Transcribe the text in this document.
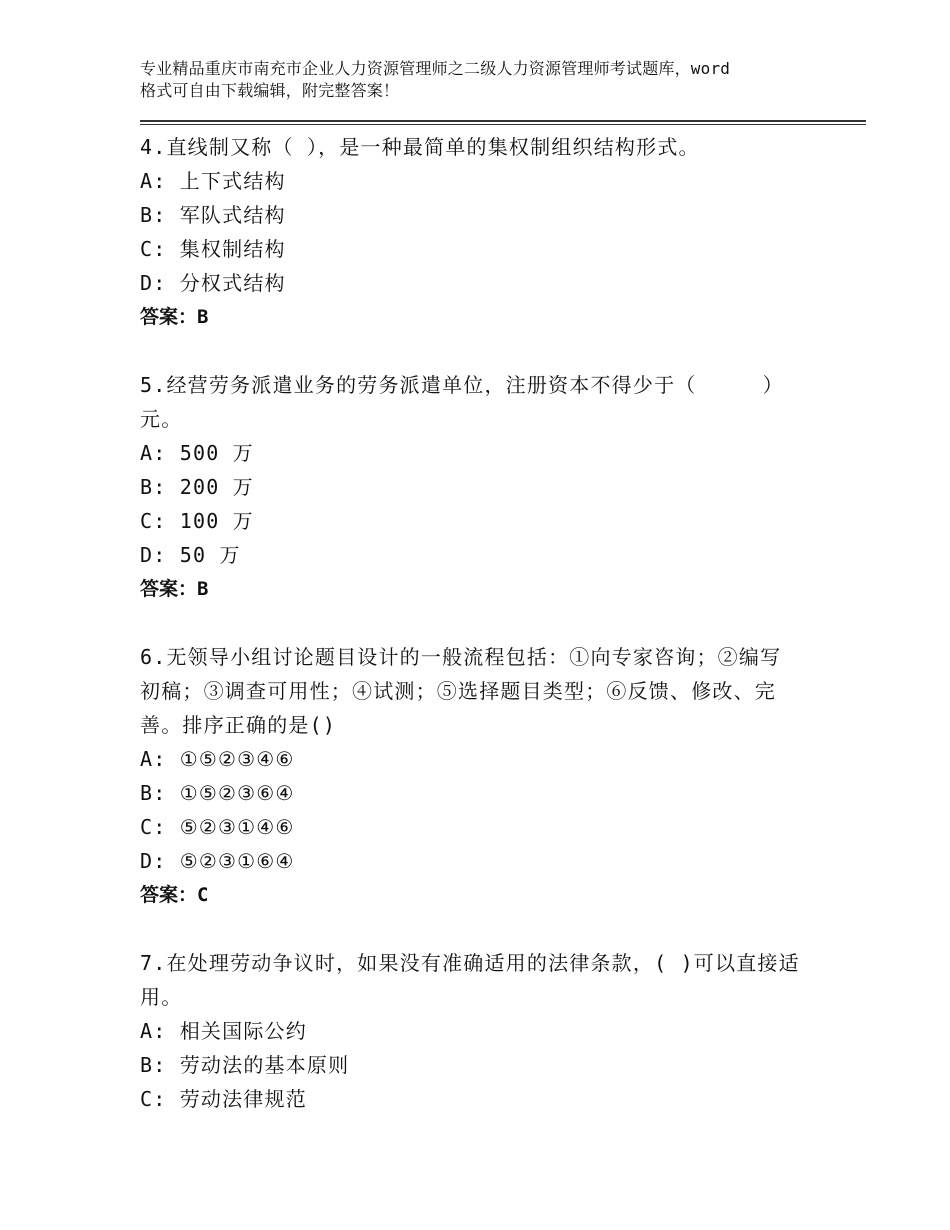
专业精品重庆市南充市企业人力资源管理师之二级人力资源管理师考试题库，word
格式可自由下载编辑，附完整答案！
4.直线制又称（ ），是一种最简单的集权制组织结构形式。
A: 上下式结构
B: 军队式结构
C: 集权制结构
D: 分权式结构
答案：B
5.经营劳务派遣业务的劳务派遣单位，注册资本不得少于（     ）
元。
A: 500 万
B: 200 万
C: 100 万
D: 50 万
答案：B
6.无领导小组讨论题目设计的一般流程包括：①向专家咨询；②编写
初稿；③调查可用性；④试测；⑤选择题目类型；⑥反馈、修改、完
善。排序正确的是()
A: ①⑤②③④⑥
B: ①⑤②③⑥④
C: ⑤②③①④⑥
D: ⑤②③①⑥④
答案：C
7.在处理劳动争议时，如果没有准确适用的法律条款，( )可以直接适
用。
A: 相关国际公约
B: 劳动法的基本原则
C: 劳动法律规范
